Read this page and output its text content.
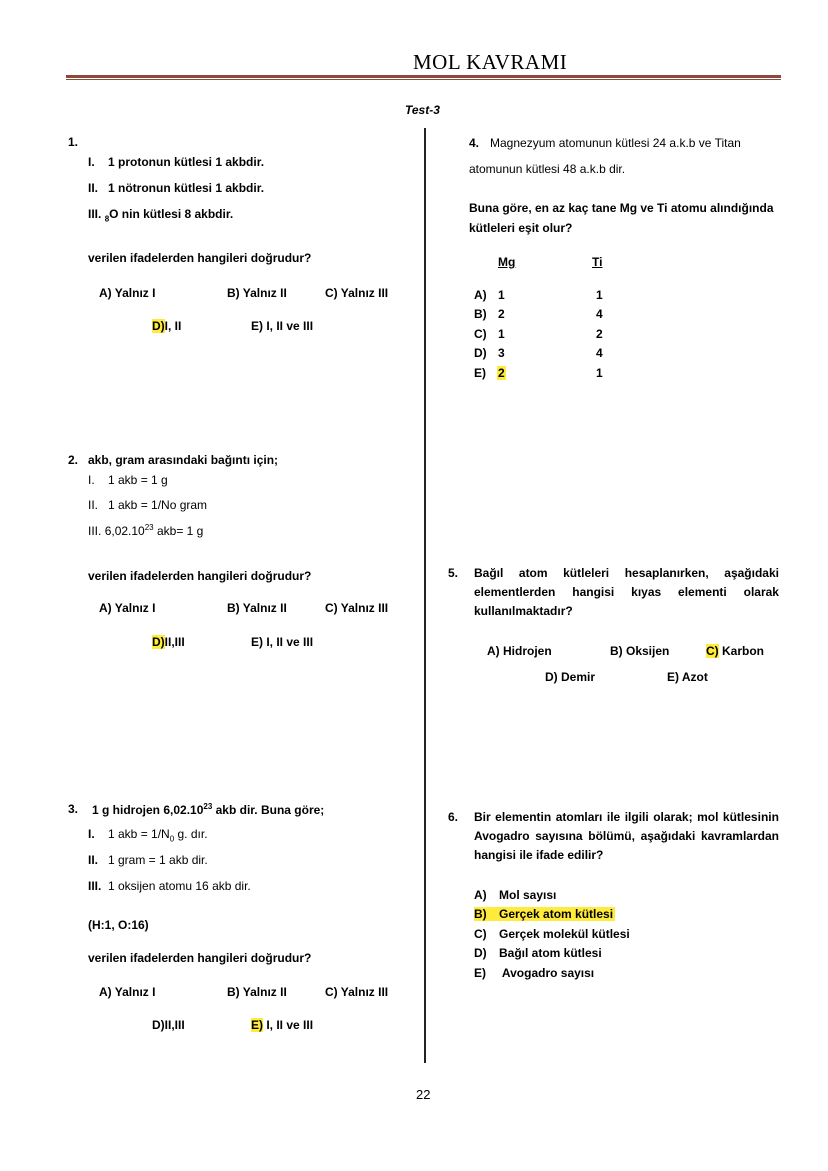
MOL KAVRAMI
Test-3
1.
I. 1 protonun kütlesi 1 akbdir.
II. 1 nötronun kütlesi 1 akbdir.
III. $_8$O nin kütlesi 8 akbdir.
verilen ifadelerden hangileri doğrudur?
A) Yalnız I	B) Yalnız II	C) Yalnız III
D)I, II	E) I, II ve III
2. akb, gram arasındaki bağıntı için;
I. 1 akb = 1 g
II. 1 akb = 1/No gram
III. 6,02.10$^{23}$ akb= 1 g
verilen ifadelerden hangileri doğrudur?
A) Yalnız I	B) Yalnız II	C) Yalnız III
D)II,III	E) I, II ve III
3. 1 g hidrojen 6,02.10$^{23}$ akb dir. Buna göre;
I. 1 akb = $1/N_0$ g. dır.
II. 1 gram = 1 akb dir.
III. 1 oksijen atomu 16 akb dir.
(H:1, O:16)
verilen ifadelerden hangileri doğrudur?
A) Yalnız I	B) Yalnız II	C) Yalnız III
D)II,III	E) I, II ve III
4. Magnezyum atomunun kütlesi 24 a.k.b ve Titan
atomunun kütlesi 48 a.k.b dir.
Buna göre, en az kaç tane Mg ve Ti atomu alındığında
kütleleri eşit olur?
Mg	Ti
A) 1	1
B) 2	4
C) 1	2
D) 3	4
E) 2	1
5. Bağıl atom kütleleri hesaplanırken, aşağıdaki
elementlerden hangisi kıyas elementi olarak
kullanılmaktadır?
A) Hidrojen	B) Oksijen	C) Karbon
D) Demir	E) Azot
6. Bir elementin atomları ile ilgili olarak; mol kütlesinin
Avogadro sayısına bölümü, aşağıdaki kavramlardan
hangisi ile ifade edilir?
A) Mol sayısı
B) Gerçek atom kütlesi
C) Gerçek molekül kütlesi
D) Bağıl atom kütlesi
E) Avogadro sayısı
22
